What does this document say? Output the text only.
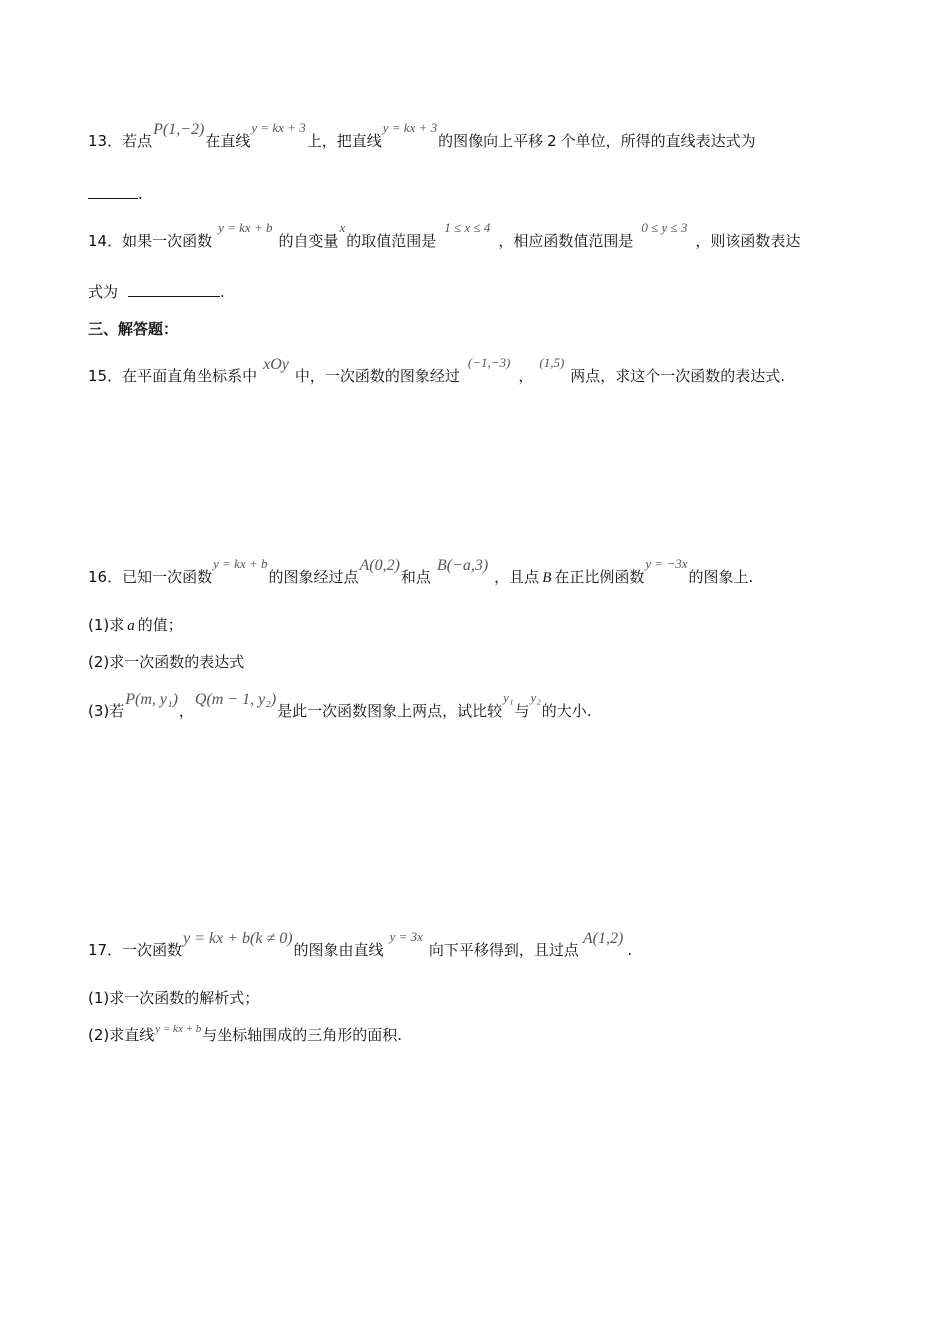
13．若点P(1,−2)在直线y = kx + 3上，把直线y = kx + 3的图像向上平移 2 个单位，所得的直线表达式为
.
14．如果一次函数y = kx + b的自变量x的取值范围是1 ≤ x ≤ 4，相应函数值范围是0 ≤ y ≤ 3，则该函数表达
式为	.
三、解答题：
15．在平面直角坐标系中xOy中，一次函数的图象经过(−1,−3)，(1,5)两点，求这个一次函数的表达式.
16．已知一次函数y = kx + b的图象经过点A(0,2)和点B(−a,3)，且点 B 在正比例函数y = −3x的图象上.
(1)求 a 的值；
(2)求一次函数的表达式
(3)若P(m, y₁)，Q(m − 1, y₂)是此一次函数图象上两点，试比较y₁与y₂的大小.
17．一次函数y = kx + b(k ≠ 0)的图象由直线y = 3x向下平移得到，且过点A(1,2).
(1)求一次函数的解析式；
(2)求直线$^{y = kx + b}$与坐标轴围成的三角形的面积.
